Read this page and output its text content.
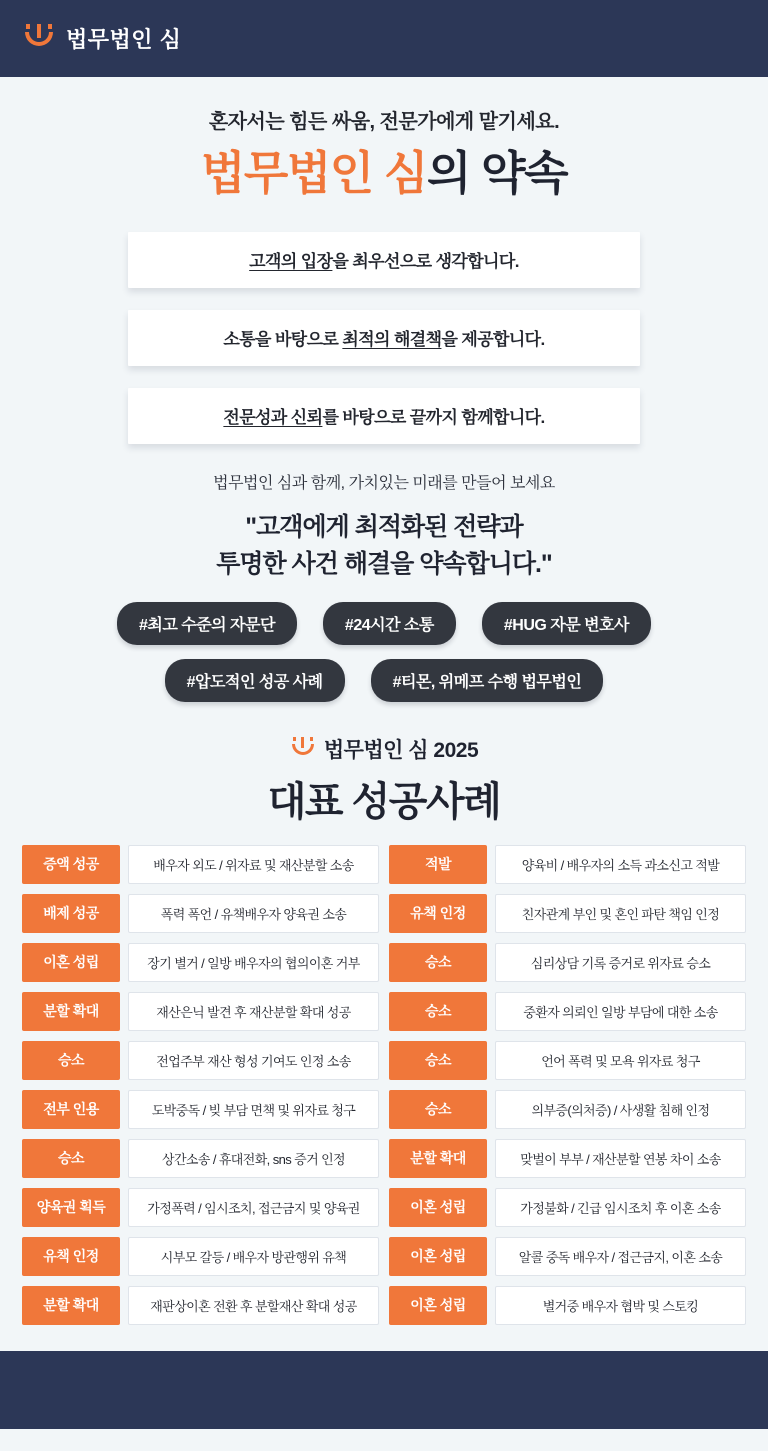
법무법인 심
혼자서는 힘든 싸움, 전문가에게 맡기세요.
법무법인 심의 약속
고객의 입장을 최우선으로 생각합니다.
소통을 바탕으로 최적의 해결책을 제공합니다.
전문성과 신뢰를 바탕으로 끝까지 함께합니다.
법무법인 심과 함께, 가치있는 미래를 만들어 보세요
"고객에게 최적화된 전략과
투명한 사건 해결을 약속합니다."
#최고 수준의 자문단	#24시간 소통	#HUG 자문 변호사
#압도적인 성공 사례	#티몬, 위메프 수행 법무법인
법무법인 심 2025
대표 성공사례
증액 성공	배우자 외도 / 위자료 및 재산분할 소송	적발	양육비 / 배우자의 소득 과소신고 적발
배제 성공	폭력 폭언 / 유책배우자 양육권 소송	유책 인정	친자관계 부인 및 혼인 파탄 책임 인정
이혼 성립	장기 별거 / 일방 배우자의 협의이혼 거부	승소	심리상담 기록 증거로 위자료 승소
분할 확대	재산은닉 발견 후 재산분할 확대 성공	승소	중환자 의뢰인 일방 부담에 대한 소송
승소	전업주부 재산 형성 기여도 인정 소송	승소	언어 폭력 및 모욕 위자료 청구
전부 인용	도박중독 / 빚 부담 면책 및 위자료 청구	승소	의부증(의처증) / 사생활 침해 인정
승소	상간소송 / 휴대전화, sns 증거 인정	분할 확대	맞벌이 부부 / 재산분할 연봉 차이 소송
양육권 획득	가정폭력 / 임시조치, 접근금지 및 양육권	이혼 성립	가정불화 / 긴급 임시조치 후 이혼 소송
유책 인정	시부모 갈등 / 배우자 방관행위 유책	이혼 성립	알콜 중독 배우자 / 접근금지, 이혼 소송
분할 확대	재판상이혼 전환 후 분할재산 확대 성공	이혼 성립	별거중 배우자 협박 및 스토킹
